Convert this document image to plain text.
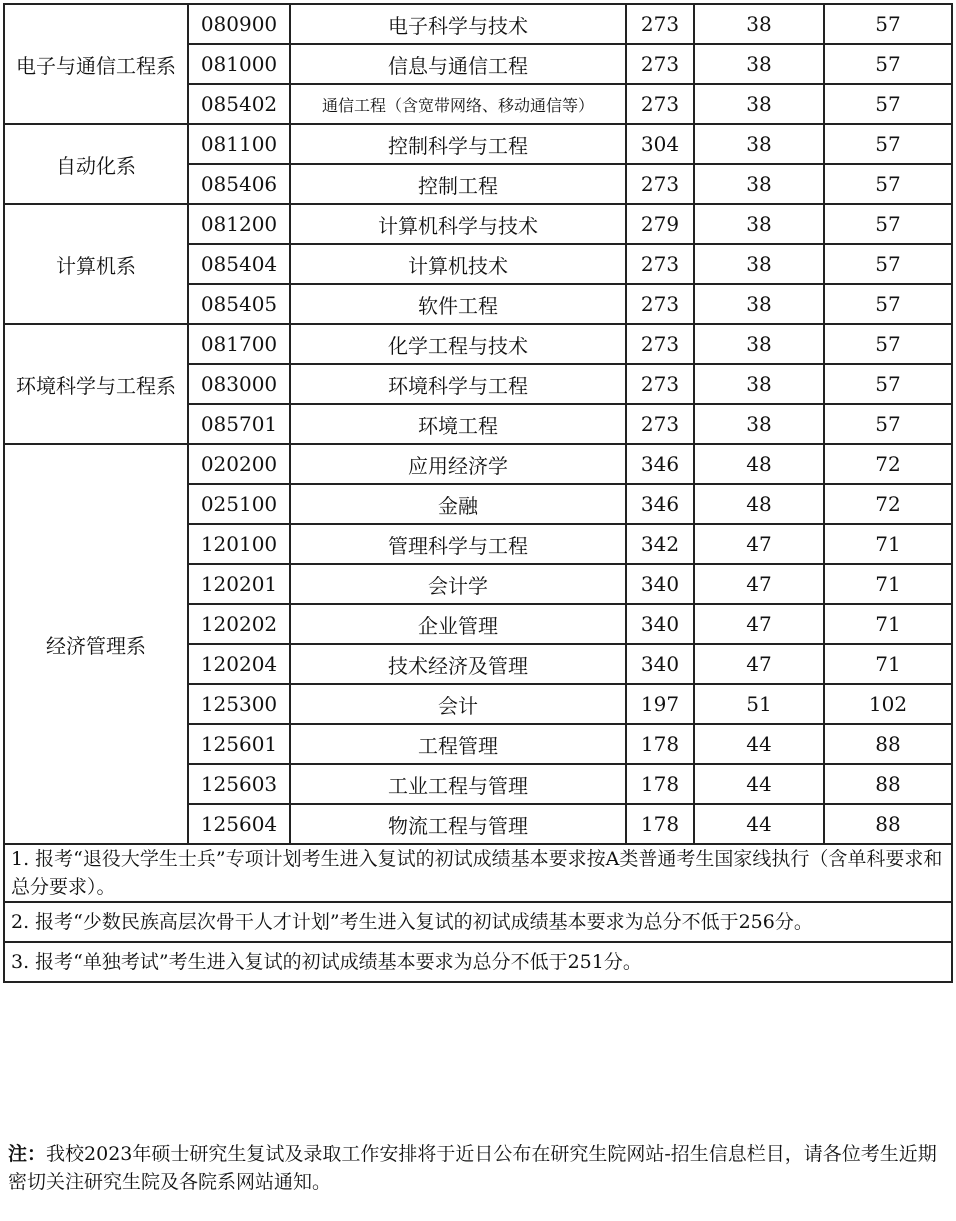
电子与通信工程系	080900	电子科学与技术	273	38	57
	081000	信息与通信工程	273	38	57
	085402	通信工程（含宽带网络、移动通信等）	273	38	57
自动化系	081100	控制科学与工程	304	38	57
	085406	控制工程	273	38	57
计算机系	081200	计算机科学与技术	279	38	57
	085404	计算机技术	273	38	57
	085405	软件工程	273	38	57
环境科学与工程系	081700	化学工程与技术	273	38	57
	083000	环境科学与工程	273	38	57
	085701	环境工程	273	38	57
经济管理系	020200	应用经济学	346	48	72
	025100	金融	346	48	72
	120100	管理科学与工程	342	47	71
	120201	会计学	340	47	71
	120202	企业管理	340	47	71
	120204	技术经济及管理	340	47	71
	125300	会计	197	51	102
	125601	工程管理	178	44	88
	125603	工业工程与管理	178	44	88
	125604	物流工程与管理	178	44	88
1. 报考“退役大学生士兵”专项计划考生进入复试的初试成绩基本要求按A类普通考生国家线执行（含单科要求和总分要求）。					
2. 报考“少数民族高层次骨干人才计划”考生进入复试的初试成绩基本要求为总分不低于256分。					
3. 报考“单独考试”考生进入复试的初试成绩基本要求为总分不低于251分。					
注：我校2023年硕士研究生复试及录取工作安排将于近日公布在研究生院网站-招生信息栏目，请各位考生近期密切关注研究生院及各院系网站通知。
